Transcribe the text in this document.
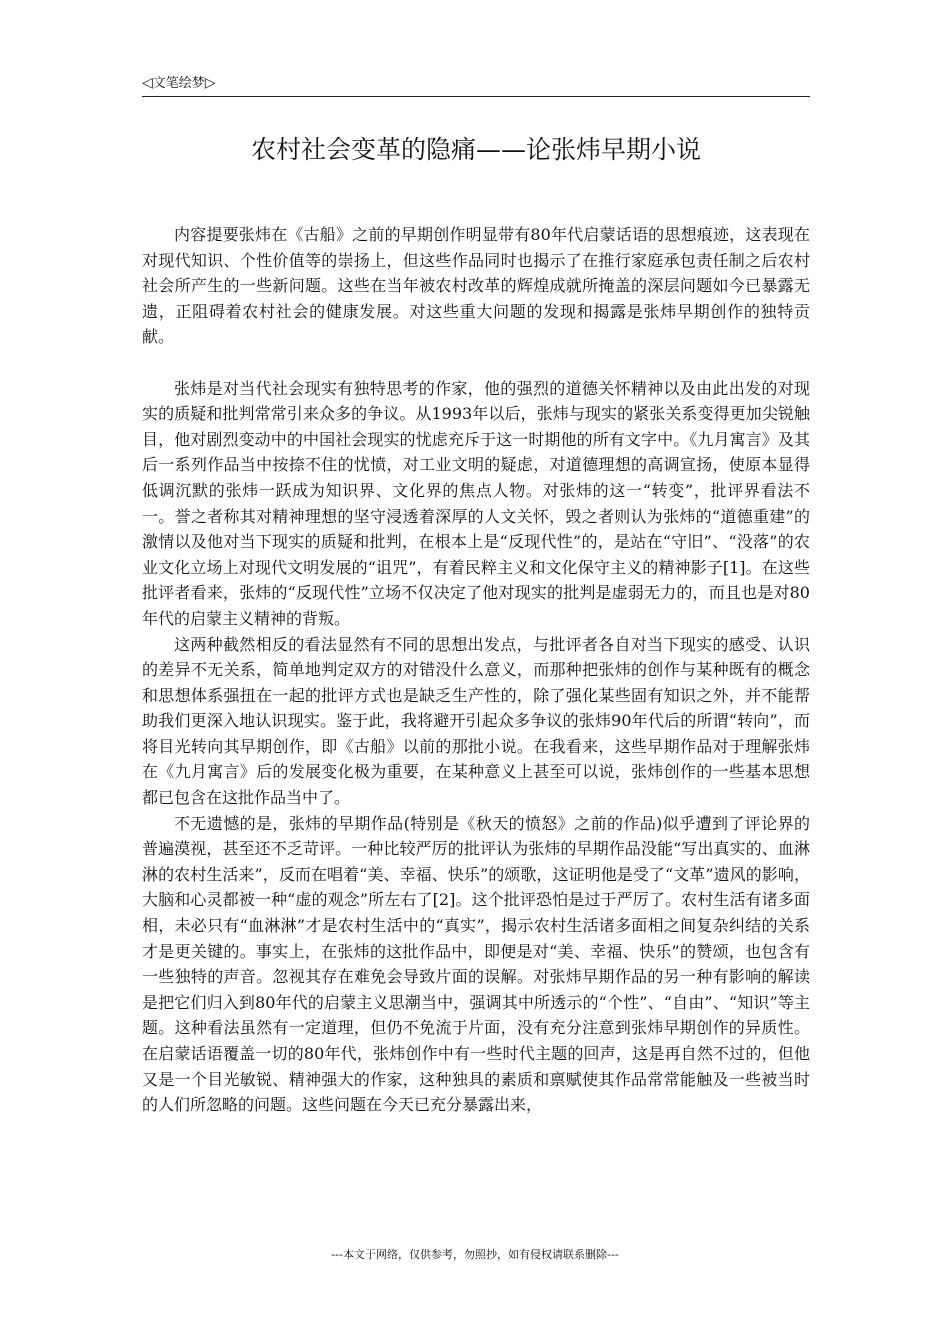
◁文笔绘梦▷
农村社会变革的隐痛——论张炜早期小说

内容提要张炜在《古船》之前的早期创作明显带有80年代启蒙话语的思想痕迹，这表现在对现代知识、个性价值等的崇扬上，但这些作品同时也揭示了在推行家庭承包责任制之后农村社会所产生的一些新问题。这些在当年被农村改革的辉煌成就所掩盖的深层问题如今已暴露无遗，正阻碍着农村社会的健康发展。对这些重大问题的发现和揭露是张炜早期创作的独特贡献。

张炜是对当代社会现实有独特思考的作家，他的强烈的道德关怀精神以及由此出发的对现实的质疑和批判常常引来众多的争议。从1993年以后，张炜与现实的紧张关系变得更加尖锐触目，他对剧烈变动中的中国社会现实的忧虑充斥于这一时期他的所有文字中。《九月寓言》及其后一系列作品当中按捺不住的忧愤，对工业文明的疑虑，对道德理想的高调宣扬，使原本显得低调沉默的张炜一跃成为知识界、文化界的焦点人物。对张炜的这一“转变”，批评界看法不一。誉之者称其对精神理想的坚守浸透着深厚的人文关怀，毁之者则认为张炜的“道德重建”的激情以及他对当下现实的质疑和批判，在根本上是“反现代性”的，是站在“守旧”、“没落”的农业文化立场上对现代文明发展的“诅咒”，有着民粹主义和文化保守主义的精神影子[1]。在这些批评者看来，张炜的“反现代性”立场不仅决定了他对现实的批判是虚弱无力的，而且也是对80年代的启蒙主义精神的背叛。

这两种截然相反的看法显然有不同的思想出发点，与批评者各自对当下现实的感受、认识的差异不无关系，简单地判定双方的对错没什么意义，而那种把张炜的创作与某种既有的概念和思想体系强扭在一起的批评方式也是缺乏生产性的，除了强化某些固有知识之外，并不能帮助我们更深入地认识现实。鉴于此，我将避开引起众多争议的张炜90年代后的所谓“转向”，而将目光转向其早期创作，即《古船》以前的那批小说。在我看来，这些早期作品对于理解张炜在《九月寓言》后的发展变化极为重要，在某种意义上甚至可以说，张炜创作的一些基本思想都已包含在这批作品当中了。

不无遗憾的是，张炜的早期作品(特别是《秋天的愤怒》之前的作品)似乎遭到了评论界的普遍漠视，甚至还不乏苛评。一种比较严厉的批评认为张炜的早期作品没能“写出真实的、血淋淋的农村生活来”，反而在唱着“美、幸福、快乐”的颂歌，这证明他是受了“文革”遗风的影响，大脑和心灵都被一种“虚的观念”所左右了[2]。这个批评恐怕是过于严厉了。农村生活有诸多面相，未必只有“血淋淋”才是农村生活中的“真实”，揭示农村生活诸多面相之间复杂纠结的关系才是更关键的。事实上，在张炜的这批作品中，即便是对“美、幸福、快乐”的赞颂，也包含有一些独特的声音。忽视其存在难免会导致片面的误解。对张炜早期作品的另一种有影响的解读是把它们归入到80年代的启蒙主义思潮当中，强调其中所透示的“个性”、“自由”、“知识”等主题。这种看法虽然有一定道理，但仍不免流于片面，没有充分注意到张炜早期创作的异质性。在启蒙话语覆盖一切的80年代，张炜创作中有一些时代主题的回声，这是再自然不过的，但他又是一个目光敏锐、精神强大的作家，这种独具的素质和禀赋使其作品常常能触及一些被当时的人们所忽略的问题。这些问题在今天已充分暴露出来，

---本文于网络，仅供参考，勿照抄，如有侵权请联系删除---
